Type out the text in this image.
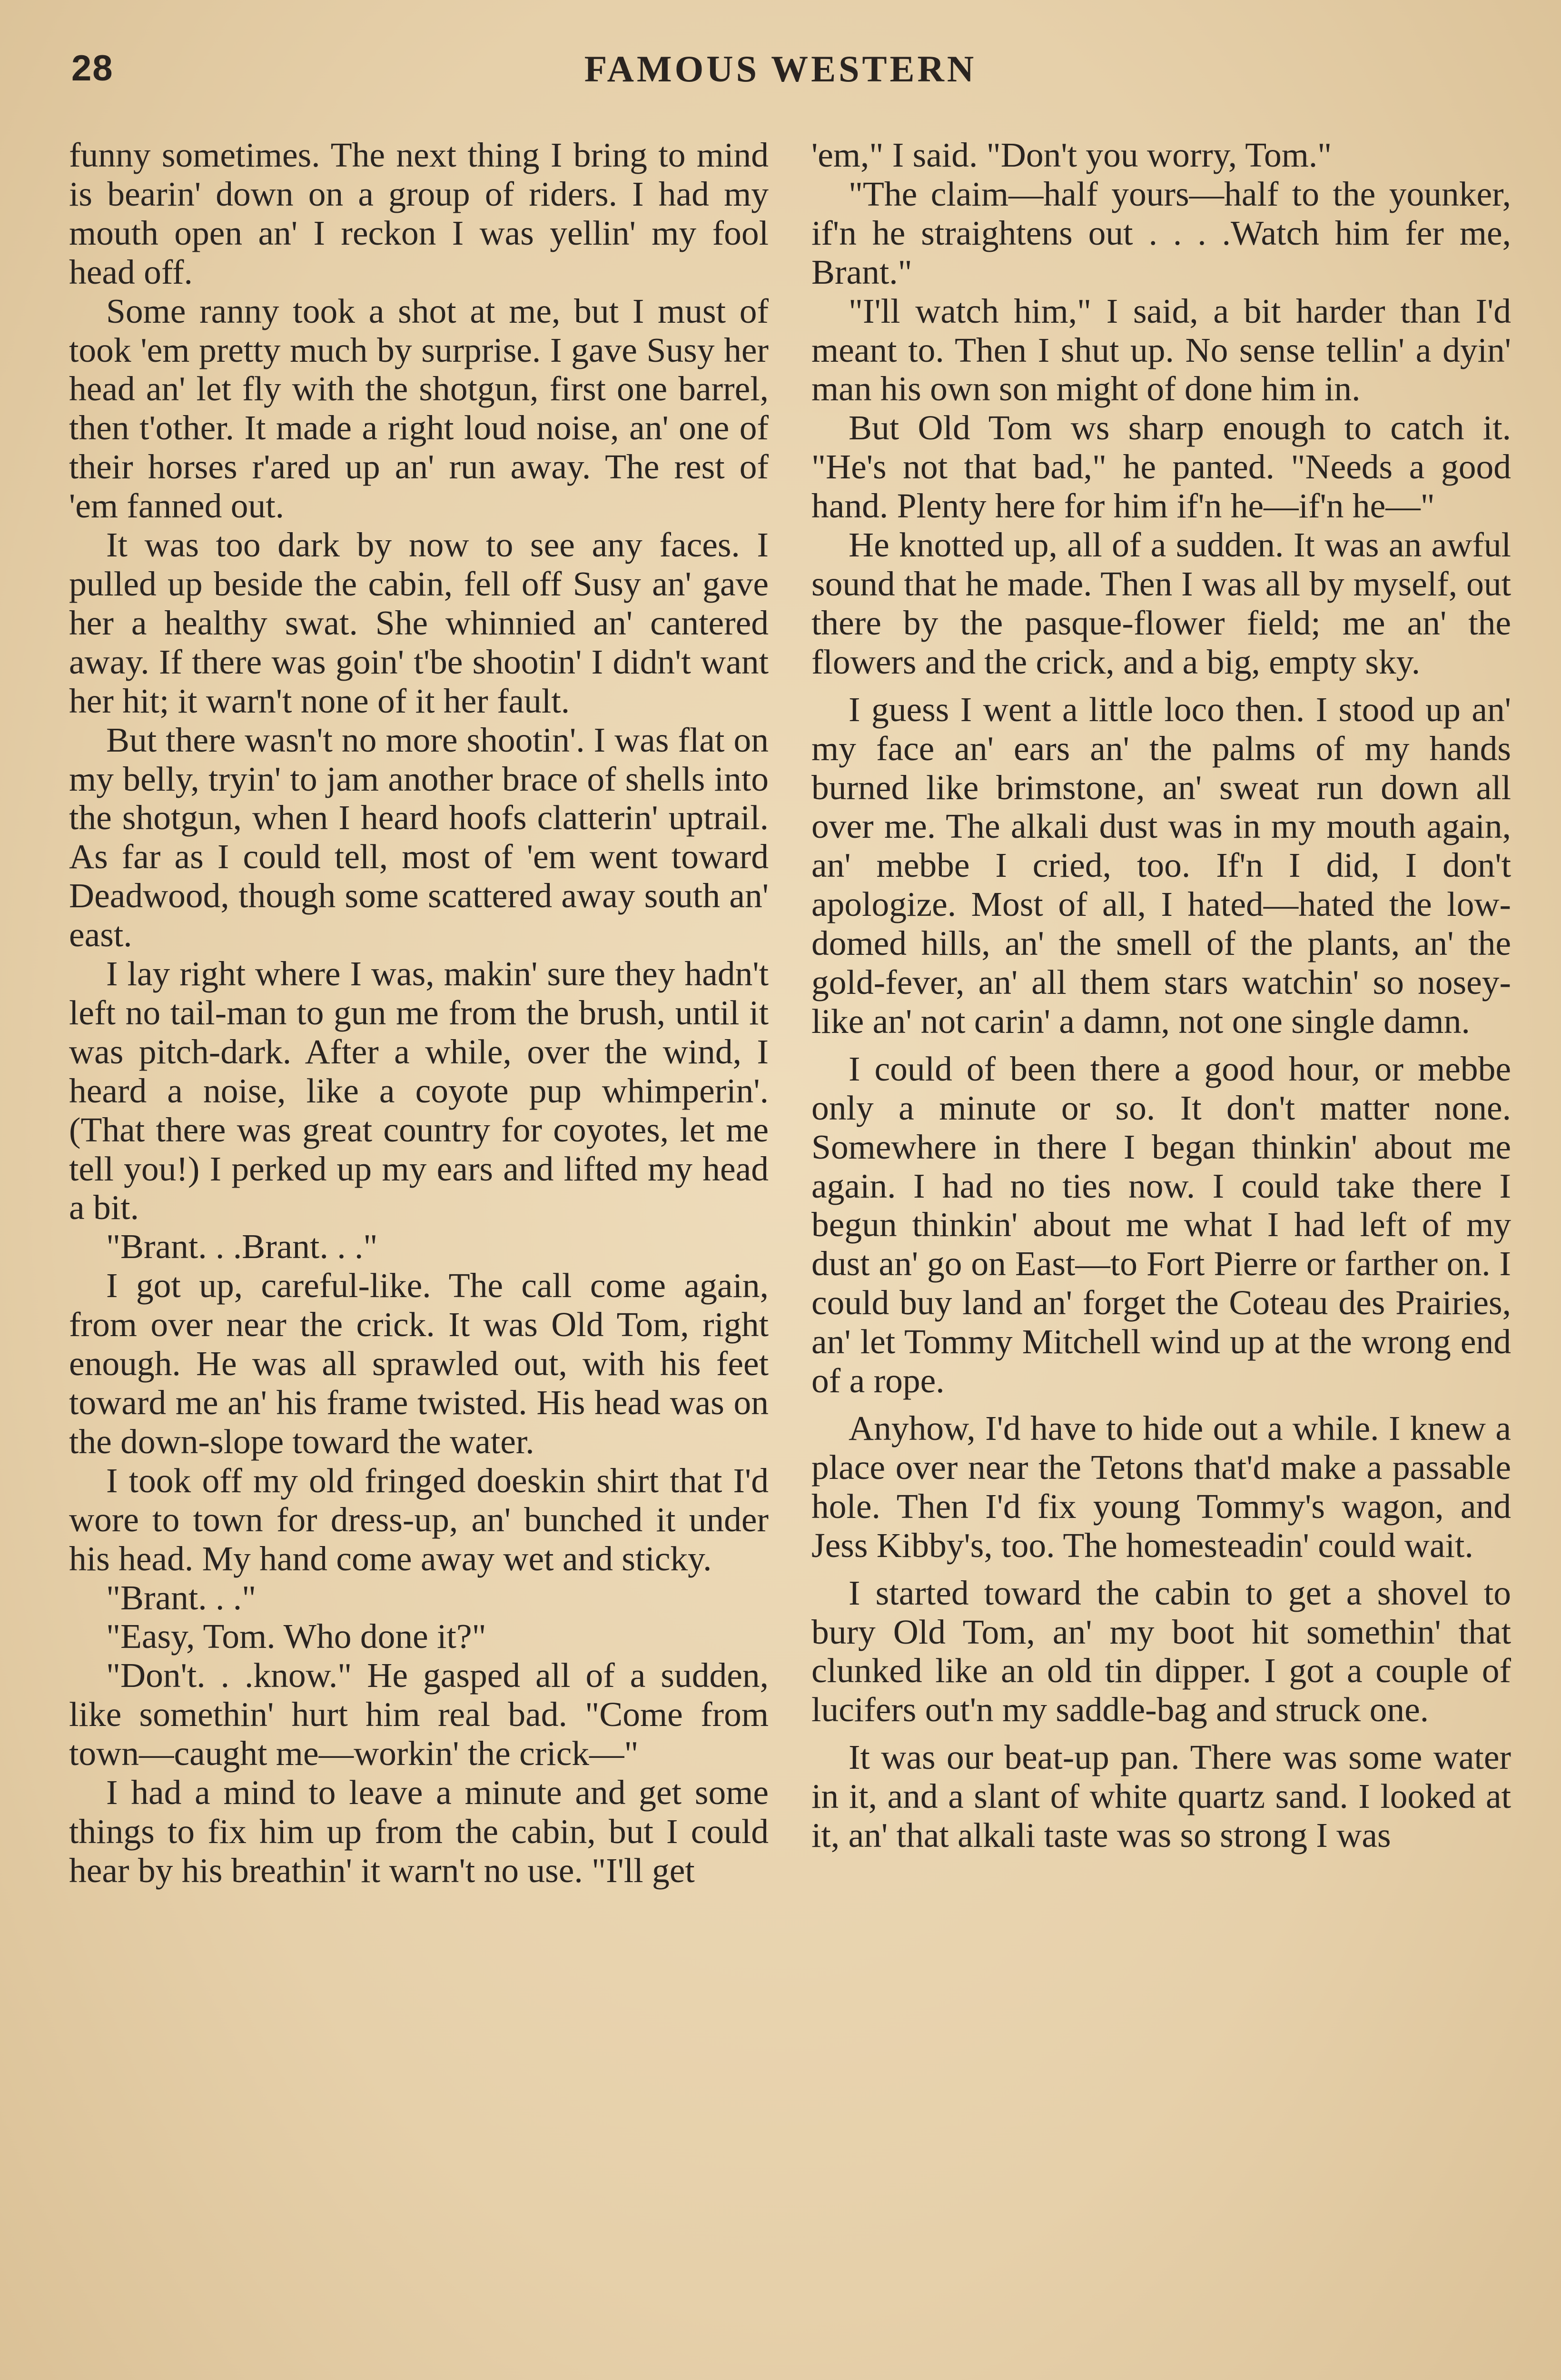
28	FAMOUS WESTERN

funny sometimes. The next thing I bring to mind is bearin' down on a group of riders. I had my mouth open an' I reckon I was yellin' my fool head off.

Some ranny took a shot at me, but I must of took 'em pretty much by surprise. I gave Susy her head an' let fly with the shotgun, first one barrel, then t'other. It made a right loud noise, an' one of their horses r'ared up an' run away. The rest of 'em fanned out.

It was too dark by now to see any faces. I pulled up beside the cabin, fell off Susy an' gave her a healthy swat. She whinnied an' cantered away. If there was goin' t'be shootin' I didn't want her hit; it warn't none of it her fault.

But there wasn't no more shootin'. I was flat on my belly, tryin' to jam another brace of shells into the shotgun, when I heard hoofs clatterin' uptrail. As far as I could tell, most of 'em went toward Deadwood, though some scattered away south an' east.

I lay right where I was, makin' sure they hadn't left no tail-man to gun me from the brush, until it was pitch-dark. After a while, over the wind, I heard a noise, like a coyote pup whimperin'. (That there was great country for coyotes, let me tell you!) I perked up my ears and lifted my head a bit.

"Brant. . .Brant. . ."

I got up, careful-like. The call come again, from over near the crick. It was Old Tom, right enough. He was all sprawled out, with his feet toward me an' his frame twisted. His head was on the down-slope toward the water.

I took off my old fringed doeskin shirt that I'd wore to town for dress-up, an' bunched it under his head. My hand come away wet and sticky.

"Brant. . ."

"Easy, Tom. Who done it?"

"Don't. . .know." He gasped all of a sudden, like somethin' hurt him real bad. "Come from town—caught me—workin' the crick—"

I had a mind to leave a minute and get some things to fix him up from the cabin, but I could hear by his breathin' it warn't no use. "I'll get

'em," I said. "Don't you worry, Tom."

"The claim—half yours—half to the younker, if'n he straightens out . . . .Watch him fer me, Brant."

"I'll watch him," I said, a bit harder than I'd meant to. Then I shut up. No sense tellin' a dyin' man his own son might of done him in.

But Old Tom ws sharp enough to catch it. "He's not that bad," he panted. "Needs a good hand. Plenty here for him if'n he—if'n he—"

He knotted up, all of a sudden. It was an awful sound that he made. Then I was all by myself, out there by the pasque-flower field; me an' the flowers and the crick, and a big, empty sky.

I guess I went a little loco then. I stood up an' my face an' ears an' the palms of my hands burned like brimstone, an' sweat run down all over me. The alkali dust was in my mouth again, an' mebbe I cried, too. If'n I did, I don't apologize. Most of all, I hated—hated the low-domed hills, an' the smell of the plants, an' the gold-fever, an' all them stars watchin' so nosey-like an' not carin' a damn, not one single damn.

I could of been there a good hour, or mebbe only a minute or so. It don't matter none. Somewhere in there I began thinkin' about me again. I had no ties now. I could take there I begun thinkin' about me what I had left of my dust an' go on East—to Fort Pierre or farther on. I could buy land an' forget the Coteau des Prairies, an' let Tommy Mitchell wind up at the wrong end of a rope.

Anyhow, I'd have to hide out a while. I knew a place over near the Tetons that'd make a passable hole. Then I'd fix young Tommy's wagon, and Jess Kibby's, too. The homesteadin' could wait.

I started toward the cabin to get a shovel to bury Old Tom, an' my boot hit somethin' that clunked like an old tin dipper. I got a couple of lucifers out'n my saddle-bag and struck one.

It was our beat-up pan. There was some water in it, and a slant of white quartz sand. I looked at it, an' that alkali taste was so strong I was
